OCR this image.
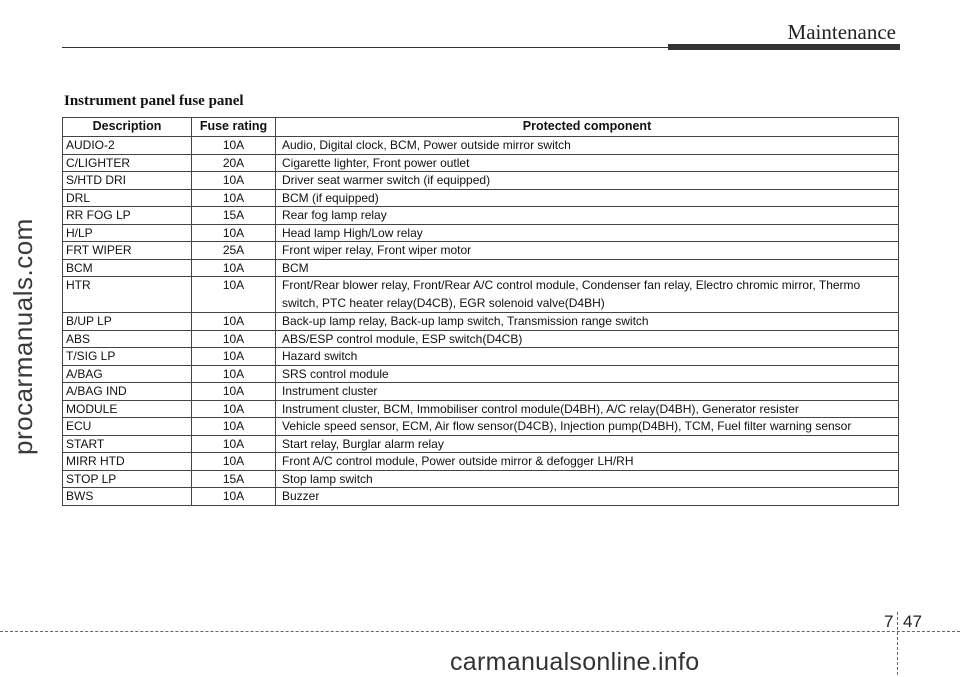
Maintenance
procarmanuals.com
Instrument panel fuse panel
Description	Fuse rating	Protected component
AUDIO-2	10A	Audio, Digital clock, BCM, Power outside mirror switch
C/LIGHTER	20A	Cigarette lighter, Front power outlet
S/HTD DRI	10A	Driver seat warmer switch (if equipped)
DRL	10A	BCM (if equipped)
RR FOG LP	15A	Rear fog lamp relay
H/LP	10A	Head lamp High/Low relay
FRT WIPER	25A	Front wiper relay, Front wiper motor
BCM	10A	BCM
HTR	10A	Front/Rear blower relay, Front/Rear A/C control module, Condenser fan relay, Electro chromic mirror, Thermo switch, PTC heater relay(D4CB), EGR solenoid valve(D4BH)
B/UP LP	10A	Back-up lamp relay, Back-up lamp switch, Transmission range switch
ABS	10A	ABS/ESP control module, ESP switch(D4CB)
T/SIG LP	10A	Hazard switch
A/BAG	10A	SRS control module
A/BAG IND	10A	Instrument cluster
MODULE	10A	Instrument cluster, BCM, Immobiliser control module(D4BH), A/C relay(D4BH), Generator resister
ECU	10A	Vehicle speed sensor, ECM, Air flow sensor(D4CB), Injection pump(D4BH), TCM, Fuel filter warning sensor
START	10A	Start relay, Burglar alarm relay
MIRR HTD	10A	Front A/C control module, Power outside mirror & defogger LH/RH
STOP LP	15A	Stop lamp switch
BWS	10A	Buzzer
7 47
carmanualsonline.info
